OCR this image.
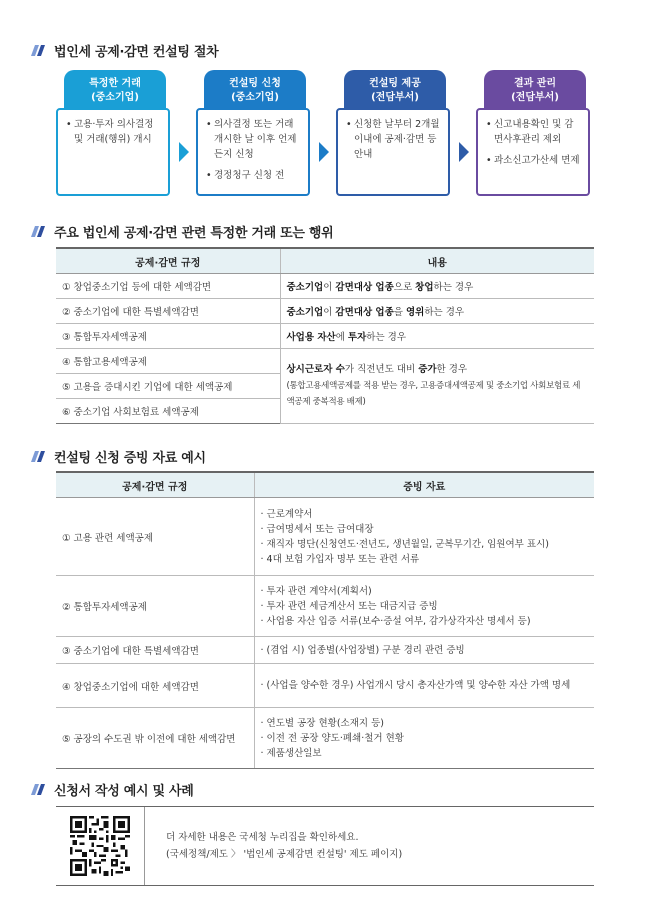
법인세 공제·감면 컨설팅 절차
특정한 거래
(중소기업)
• 고용·투자 의사결정 및 거래(행위) 개시
컨설팅 신청
(중소기업)
• 의사결정 또는 거래 개시한 날 이후 언제든지 신청
• 경정청구 신청 전
컨설팅 제공
(전담부서)
• 신청한 날부터 2개월 이내에 공제·감면 등 안내
결과 관리
(전담부서)
• 신고내용확인 및 감면사후관리 제외
• 과소신고가산세 면제
주요 법인세 공제·감면 관련 특정한 거래 또는 행위
공제·감면 규정	내용
① 창업중소기업 등에 대한 세액감면	중소기업이 감면대상 업종으로 창업하는 경우
② 중소기업에 대한 특별세액감면	중소기업이 감면대상 업종을 영위하는 경우
③ 통합투자세액공제	사업용 자산에 투자하는 경우
④ 통합고용세액공제	상시근로자 수가 직전년도 대비 증가한 경우
(통합고용세액공제를 적용 받는 경우, 고용증대세액공제 및 중소기업 사회보험료 세액공제 중복적용 배제)

⑤ 고용을 증대시킨 기업에 대한 세액공제	
⑥ 중소기업 사회보험료 세액공제	
컨설팅 신청 증빙 자료 예시
공제·감면 규정	증빙 자료
① 고용 관련 세액공제	· 근로계약서
· 급여명세서 또는 급여대장
· 재직자 명단(신청연도·전년도, 생년월일, 군복무기간, 임원여부 표시)
· 4대 보험 가입자 명부 또는 관련 서류

② 통합투자세액공제	· 투자 관련 계약서(계획서)
· 투자 관련 세금계산서 또는 대금지급 증빙
· 사업용 자산 입증 서류(보수·증설 여부, 감가상각자산 명세서 등)

③ 중소기업에 대한 특별세액감면	· (겸업 시) 업종별(사업장별) 구분 경리 관련 증빙

④ 창업중소기업에 대한 세액감면	· (사업을 양수한 경우) 사업개시 당시 총자산가액 및 양수한 자산 가액 명세

⑤ 공장의 수도권 밖 이전에 대한 세액감면	· 연도별 공장 현황(소재지 등)
· 이전 전 공장 양도·폐쇄·철거 현황
· 제품생산일보
신청서 작성 예시 및 사례
더 자세한 내용은 국세청 누리집을 확인하세요.
(국세정책/제도 〉 '법인세 공제감면 컨설팅' 제도 페이지)
